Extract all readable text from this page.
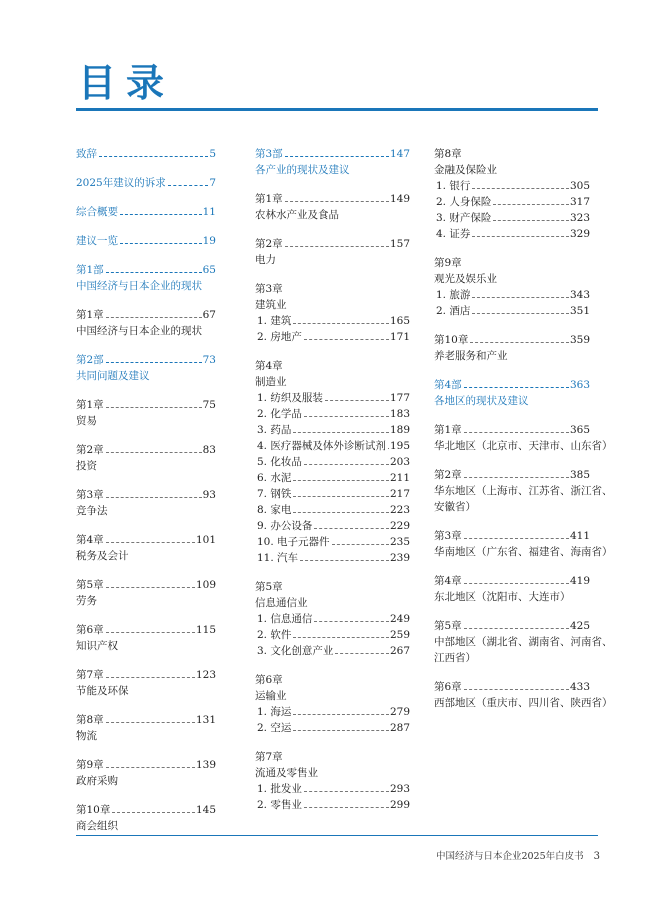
目录
致辞	5
2025年建议的诉求	7
综合概要	11
建议一览	19
第1部	65
中国经济与日本企业的现状
第1章	67
中国经济与日本企业的现状
第2部	73
共同问题及建议
第1章	75
贸易
第2章	83
投资
第3章	93
竞争法
第4章	101
税务及会计
第5章	109
劳务
第6章	115
知识产权
第7章	123
节能及环保
第8章	131
物流
第9章	139
政府采购
第10章	145
商会组织
第3部	147
各产业的现状及建议
第1章	149
农林水产业及食品
第2章	157
电力
第3章
建筑业
1. 建筑	165
2. 房地产	171
第4章
制造业
1. 纺织及服装	177
2. 化学品	183
3. 药品	189
4. 医疗器械及体外诊断试剂 195
5. 化妆品	203
6. 水泥	211
7. 钢铁	217
8. 家电	223
9. 办公设备	229
10. 电子元器件	235
11. 汽车	239
第5章
信息通信业
1. 信息通信	249
2. 软件	259
3. 文化创意产业	267
第6章
运输业
1. 海运	279
2. 空运	287
第7章
流通及零售业
1. 批发业	293
2. 零售业	299
第8章
金融及保险业
1. 银行	305
2. 人身保险	317
3. 财产保险	323
4. 证券	329
第9章
观光及娱乐业
1. 旅游	343
2. 酒店	351
第10章	359
养老服务和产业
第4部	363
各地区的现状及建议
第1章	365
华北地区（北京市、天津市、山东省）
第2章	385
华东地区（上海市、江苏省、浙江省、
安徽省）
第3章	411
华南地区（广东省、福建省、海南省）
第4章	419
东北地区（沈阳市、大连市）
第5章	425
中部地区（湖北省、湖南省、河南省、
江西省）
第6章	433
西部地区（重庆市、四川省、陕西省）
中国经济与日本企业2025年白皮书 3
